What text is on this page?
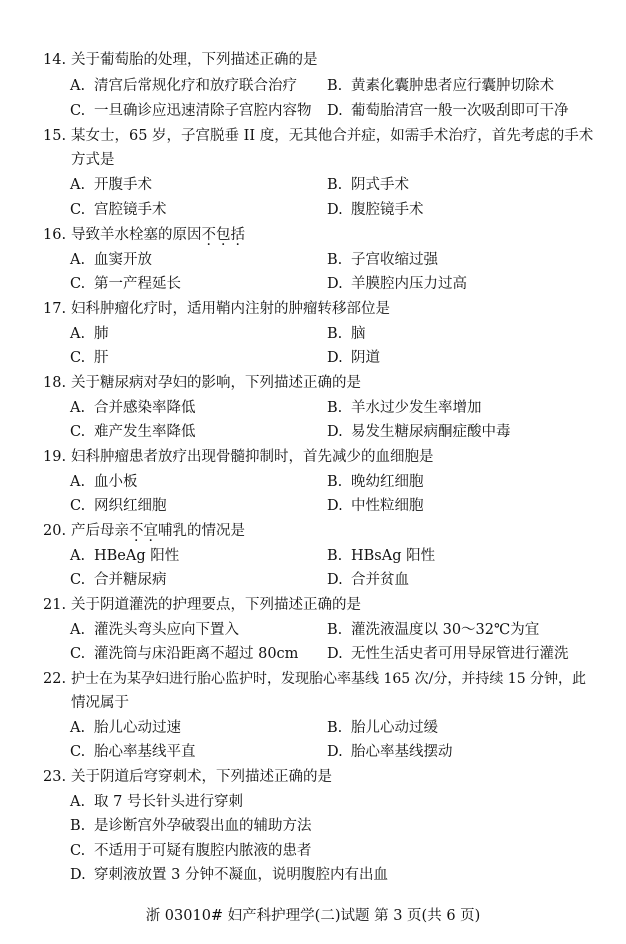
14. 关于葡萄胎的处理，下列描述正确的是
A. 清宫后常规化疗和放疗联合治疗 B. 黄素化囊肿患者应行囊肿切除术
C. 一旦确诊应迅速清除子宫腔内容物 D. 葡萄胎清宫一般一次吸刮即可干净
15. 某女士，65 岁，子宫脱垂 II 度，无其他合并症，如需手术治疗，首先考虑的手术
方式是
A. 开腹手术	B. 阴式手术
C. 宫腔镜手术	D. 腹腔镜手术
16. 导致羊水栓塞的原因不包括
A. 血窦开放	B. 子宫收缩过强
C. 第一产程延长	D. 羊膜腔内压力过高
17. 妇科肿瘤化疗时，适用鞘内注射的肿瘤转移部位是
A. 肺	B. 脑
C. 肝	D. 阴道
18. 关于糖尿病对孕妇的影响，下列描述正确的是
A. 合并感染率降低	B. 羊水过少发生率增加
C. 难产发生率降低	D. 易发生糖尿病酮症酸中毒
19. 妇科肿瘤患者放疗出现骨髓抑制时，首先减少的血细胞是
A. 血小板	B. 晚幼红细胞
C. 网织红细胞	D. 中性粒细胞
20. 产后母亲不宜哺乳的情况是
A. HBeAg 阳性	B. HBsAg 阳性
C. 合并糖尿病	D. 合并贫血
21. 关于阴道灌洗的护理要点，下列描述正确的是
A. 灌洗头弯头应向下置入	B. 灌洗液温度以 30～32℃为宜
C. 灌洗筒与床沿距离不超过 80cm D. 无性生活史者可用导尿管进行灌洗
22. 护士在为某孕妇进行胎心监护时，发现胎心率基线 165 次/分，并持续 15 分钟，此
情况属于
A. 胎儿心动过速	B. 胎儿心动过缓
C. 胎心率基线平直	D. 胎心率基线摆动
23. 关于阴道后穹穿刺术，下列描述正确的是
A. 取 7 号长针头进行穿刺
B. 是诊断宫外孕破裂出血的辅助方法
C. 不适用于可疑有腹腔内脓液的患者
D. 穿刺液放置 3 分钟不凝血，说明腹腔内有出血
浙 03010# 妇产科护理学(二)试题 第 3 页(共 6 页)
